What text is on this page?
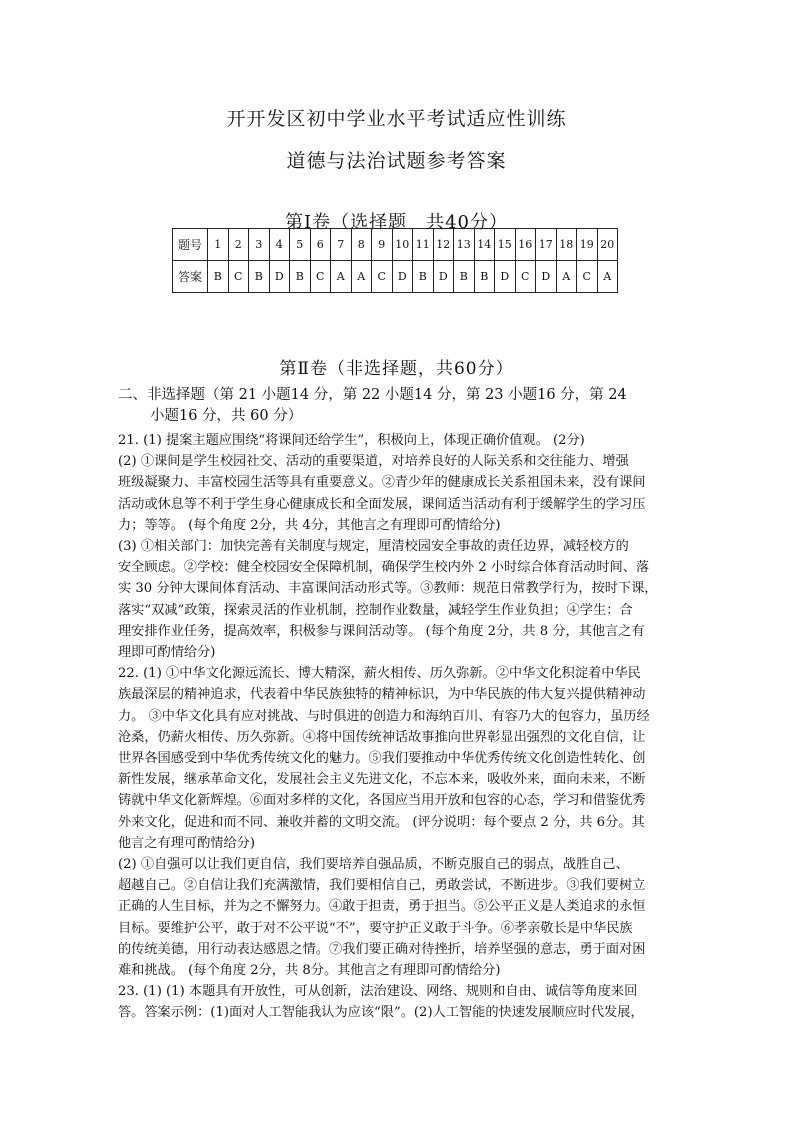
开开发区初中学业水平考试适应性训练
道德与法治试题参考答案
第Ⅰ卷（选择题　共40分）
题号	1	2	3	4	5	6	7	8	9	10	11	12	13	14	15	16	17	18	19	20
答案	B	C	B	D	B	C	A	A	C	D	B	D	B	B	D	C	D	A	C	A
第Ⅱ卷（非选择题，共60分）
二、非选择题（第 21 小题14 分，第 22 小题14 分，第 23 小题16 分，第 24
小题16 分，共 60 分）
21. (1) 提案主题应围绕“将课间还给学生”，积极向上，体现正确价值观。 (2分)
(2) ①课间是学生校园社交、活动的重要渠道，对培养良好的人际关系和交往能力、增强
班级凝聚力、丰富校园生活等具有重要意义。②青少年的健康成长关系祖国未来，没有课间
活动或休息等不利于学生身心健康成长和全面发展，课间适当活动有利于缓解学生的学习压
力；等等。 (每个角度 2分，共 4分，其他言之有理即可酌情给分)
(3) ①相关部门：加快完善有关制度与规定，厘清校园安全事故的责任边界，减轻校方的
安全顾虑。②学校：健全校园安全保障机制，确保学生校内外 2 小时综合体育活动时间、落
实 30 分钟大课间体育活动、丰富课间活动形式等。③教师：规范日常教学行为，按时下课，
落实“双减”政策，探索灵活的作业机制，控制作业数量，减轻学生作业负担；④学生：合
理安排作业任务，提高效率，积极参与课间活动等。 (每个角度 2分，共 8 分，其他言之有
理即可酌情给分)
22. (1) ①中华文化源远流长、博大精深，薪火相传、历久弥新。②中华文化积淀着中华民
族最深层的精神追求，代表着中华民族独特的精神标识，为中华民族的伟大复兴提供精神动
力。 ③中华文化具有应对挑战、与时俱进的创造力和海纳百川、有容乃大的包容力，虽历经
沧桑，仍薪火相传、历久弥新。④将中国传统神话故事推向世界彰显出强烈的文化自信，让
世界各国感受到中华优秀传统文化的魅力。⑤我们要推动中华优秀传统文化创造性转化、创
新性发展，继承革命文化，发展社会主义先进文化，不忘本来，吸收外来，面向未来，不断
铸就中华文化新辉煌。⑥面对多样的文化，各国应当用开放和包容的心态，学习和借鉴优秀
外来文化，促进和而不同、兼收并蓄的文明交流。 (评分说明：每个要点 2 分，共 6分。其
他言之有理可酌情给分)
(2) ①自强可以让我们更自信，我们要培养自强品质，不断克服自己的弱点，战胜自己、
超越自己。②自信让我们充满激情，我们要相信自己，勇敢尝试，不断进步。③我们要树立
正确的人生目标，并为之不懈努力。④敢于担责，勇于担当。⑤公平正义是人类追求的永恒
目标。要维护公平，敢于对不公平说“不”，要守护正义敢于斗争。⑥孝亲敬长是中华民族
的传统美德，用行动表达感恩之情。⑦我们要正确对待挫折，培养坚强的意志，勇于面对困
难和挑战。 (每个角度 2分，共 8分。其他言之有理即可酌情给分)
23. (1) (1) 本题具有开放性，可从创新，法治建设、网络、规则和自由、诚信等角度来回
答。答案示例：(1)面对人工智能我认为应该“限”。(2)人工智能的快速发展顺应时代发展，
